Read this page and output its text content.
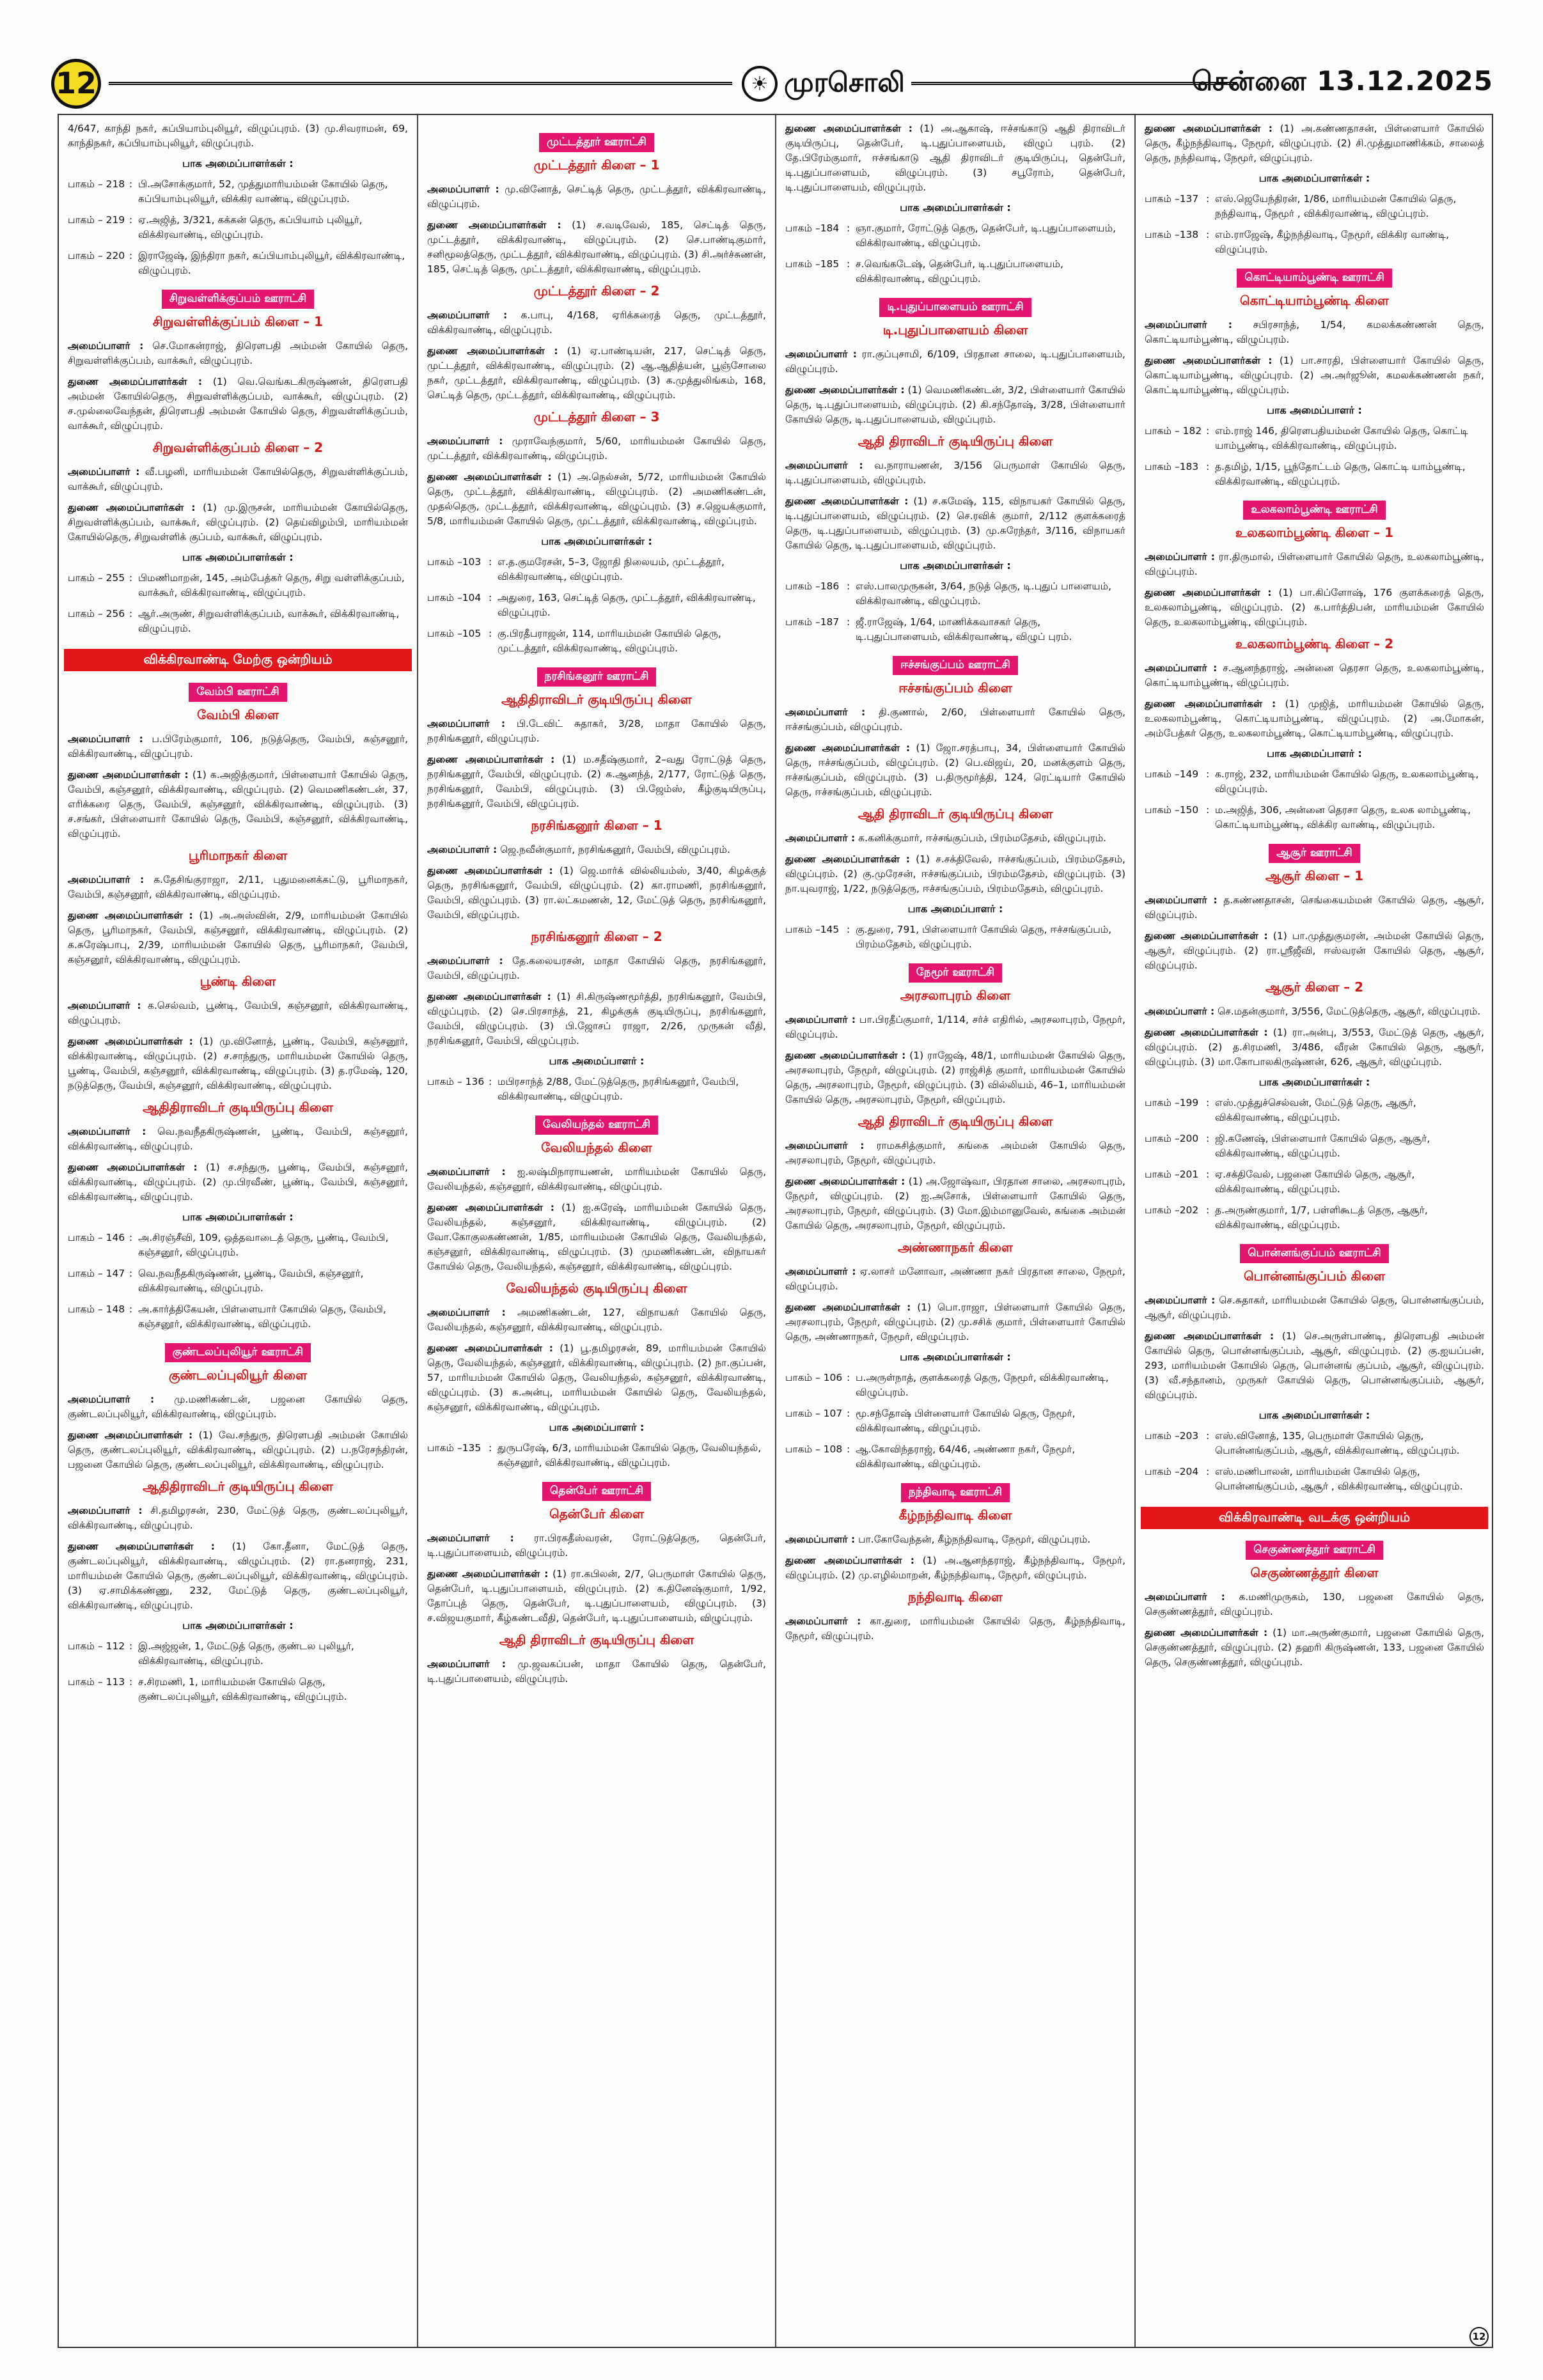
12	☀ முரசொலி	சென்னை 13.12.2025

4/647, காந்தி நகர், கப்பியாம்புலியூர், விழுப்புரம். (3) மு.சிவராமன், 69, காந்திநகர், கப்பியாம்புலியூர், விழுப்புரம்.

பாக அமைப்பாளர்கள் :
பாகம் – 218 : பி.அசோக்குமார், 52, முத்துமாரியம்மன் கோயில் தெரு, கப்பியாம்புலியூர், விக்கிர வாண்டி, விழுப்புரம்.
பாகம் – 219 : ஏ.அஜித், 3/321, கக்கன் தெரு, கப்பியாம் புலியூர், விக்கிரவாண்டி, விழுப்புரம்.
பாகம் – 220 : இராஜேஷ், இந்திரா நகர், கப்பியாம்புலியூர், விக்கிரவாண்டி, விழுப்புரம்.
சிறுவள்ளிக்குப்பம் ஊராட்சி
சிறுவள்ளிக்குப்பம் கிளை – 1

அமைப்பாளர் : செ.மோகன்ராஜ், திரௌபதி அம்மன் கோயில் தெரு, சிறுவள்ளிக்குப்பம், வாக்கூர், விழுப்புரம்.

துணை அமைப்பாளர்கள் : (1) வெ.வெங்கடகிருஷ்ணன், திரௌபதி அம்மன் கோயில்தெரு, சிறுவள்ளிக்குப்பம், வாக்கூர், விழுப்புரம். (2) ச.முல்லைவேந்தன், திரௌபதி அம்மன் கோயில் தெரு, சிறுவள்ளிக்குப்பம், வாக்கூர், விழுப்புரம்.

சிறுவள்ளிக்குப்பம் கிளை – 2

அமைப்பாளர் : வீ.பழனி, மாரியம்மன் கோயில்தெரு, சிறுவள்ளிக்குப்பம், வாக்கூர், விழுப்புரம்.

துணை அமைப்பாளர்கள் : (1) மு.இருசன், மாரியம்மன் கோயில்தெரு, சிறுவள்ளிக்குப்பம், வாக்கூர், விழுப்புரம். (2) தெய்விழம்பி, மாரியம்மன் கோயில்தெரு, சிறுவள்ளிக் குப்பம், வாக்கூர், விழுப்புரம்.

பாக அமைப்பாளர்கள் :
பாகம் – 255 : பிமணிமாறன், 145, அம்பேத்கர் தெரு, சிறு வள்ளிக்குப்பம், வாக்கூர், விக்கிரவாண்டி, விழுப்புரம்.
பாகம் – 256 : ஆர்.அருண், சிறுவள்ளிக்குப்பம், வாக்கூர், விக்கிரவாண்டி, விழுப்புரம்.
விக்கிரவாண்டி மேற்கு ஒன்றியம்
வேம்பி ஊராட்சி
வேம்பி கிளை

அமைப்பாளர் : ப.பிரேம்குமார், 106, நடுத்தெரு, வேம்பி, கஞ்சனூர், விக்கிரவாண்டி, விழுப்புரம்.

துணை அமைப்பாளர்கள் : (1) க.அஜித்குமார், பிள்ளையார் கோயில் தெரு, வேம்பி, கஞ்சனூர், விக்கிரவாண்டி, விழுப்புரம். (2) வெமணிகண்டன், 37, எரிக்கரை தெரு, வேம்பி, கஞ்சனூர், விக்கிரவாண்டி, விழுப்புரம். (3) ச.சங்கர், பிள்ளையார் கோயில் தெரு, வேம்பி, கஞ்சனூர், விக்கிரவாண்டி, விழுப்புரம்.

பூரிமாநகர் கிளை

அமைப்பாளர் : க.தேசிங்குராஜா, 2/11, புதுமனைக்கட்டு, பூரிமாநகர், வேம்பி, கஞ்சனூர், விக்கிரவாண்டி, விழுப்புரம்.

துணை அமைப்பாளர்கள் : (1) அ.அஸ்வின், 2/9, மாரியம்மன் கோயில் தெரு, பூரிமாநகர், வேம்பி, கஞ்சனூர், விக்கிரவாண்டி, விழுப்புரம். (2) க.சுரேஷ்பாபு, 2/39, மாரியம்மன் கோயில் தெரு, பூரிமாநகர், வேம்பி, கஞ்சனூர், விக்கிரவாண்டி, விழுப்புரம்.

பூண்டி கிளை

அமைப்பாளர் : க.செல்வம், பூண்டி, வேம்பி, கஞ்சனூர், விக்கிரவாண்டி, விழுப்புரம்.

துணை அமைப்பாளர்கள் : (1) மு.வினோத், பூண்டி, வேம்பி, கஞ்சனூர், விக்கிரவாண்டி, விழுப்புரம். (2) ச.சாந்துரு, மாரியம்மன் கோயில் தெரு, பூண்டி, வேம்பி, கஞ்சனூர், விக்கிரவாண்டி, விழுப்புரம். (3) த.ரமேஷ், 120, நடுத்தெரு, வேம்பி, கஞ்சனூர், விக்கிரவாண்டி, விழுப்புரம்.

ஆதிதிராவிடர் குடியிருப்பு கிளை

அமைப்பாளர் : வெ.நவநீதகிருஷ்ணன், பூண்டி, வேம்பி, கஞ்சனூர், விக்கிரவாண்டி, விழுப்புரம்.

துணை அமைப்பாளர்கள் : (1) ச.சந்துரு, பூண்டி, வேம்பி, கஞ்சனூர், விக்கிரவாண்டி, விழுப்புரம். (2) மு.பிரவீண், பூண்டி, வேம்பி, கஞ்சனூர், விக்கிரவாண்டி, விழுப்புரம்.

பாக அமைப்பாளர்கள் :
பாகம் – 146 : அ.சிரஞ்சீவி, 109, ஒத்தவாடைத் தெரு, பூண்டி, வேம்பி, கஞ்சனூர், விழுப்புரம்.
பாகம் – 147 : வெ.நவநீதகிருஷ்ணன், பூண்டி, வேம்பி, கஞ்சனூர், விக்கிரவாண்டி, விழுப்புரம்.
பாகம் – 148 : அ.கார்த்திகேயன், பிள்ளையார் கோயில் தெரு, வேம்பி, கஞ்சனூர், விக்கிரவாண்டி, விழுப்புரம்.
குண்டலப்புலியூர் ஊராட்சி
குண்டலப்புலியூர் கிளை

அமைப்பாளர் : மு.மணிகண்டன், பஜனை கோயில் தெரு, குண்டலப்புலியூர், விக்கிரவாண்டி, விழுப்புரம்.

துணை அமைப்பாளர்கள் : (1) வே.சந்துரு, திரௌபதி அம்மன் கோயில் தெரு, குண்டலப்புலியூர், விக்கிரவாண்டி, விழுப்புரம். (2) ப.நரேசந்திரன், பஜனை கோயில் தெரு, குண்டலப்புலியூர், விக்கிரவாண்டி, விழுப்புரம்.

ஆதிதிராவிடர் குடியிருப்பு கிளை

அமைப்பாளர் : சி.தமிழரசன், 230, மேட்டுத் தெரு, குண்டலப்புலியூர், விக்கிரவாண்டி, விழுப்புரம்.

துணை அமைப்பாளர்கள் : (1) கோ.தீனா, மேட்டுத் தெரு, குண்டலப்புலியூர், விக்கிரவாண்டி, விழுப்புரம். (2) ரா.தனராஜ், 231, மாரியம்மன் கோயில் தெரு, குண்டலப்புலியூர், விக்கிரவாண்டி, விழுப்புரம். (3) ஏ.சாமிக்கண்ணு, 232, மேட்டுத் தெரு, குண்டலப்புலியூர், விக்கிரவாண்டி, விழுப்புரம்.

பாக அமைப்பாளர்கள் :
பாகம் – 112 : இ.அஜ்ஜன், 1, மேட்டுத் தெரு, குண்டல புலியூர், விக்கிரவாண்டி, விழுப்புரம்.
பாகம் – 113 : ச.சிரமணி, 1, மாரியம்மன் கோயில் தெரு, குண்டலப்புலியூர், விக்கிரவாண்டி, விழுப்புரம்.
முட்டத்தூர் ஊராட்சி
முட்டத்தூர் கிளை – 1

அமைப்பாளர் : மு.வினோத், செட்டித் தெரு, முட்டத்தூர், விக்கிரவாண்டி, விழுப்புரம்.

துணை அமைப்பாளர்கள் : (1) ச.வடிவேல், 185, செட்டித் தெரு, முட்டத்தூர், விக்கிரவாண்டி, விழுப்புரம். (2) செ.பாண்டிகுமார், சனிமூலத்தெரு, முட்டத்தூர், விக்கிரவாண்டி, விழுப்புரம். (3) சி.அர்ச்சுணன், 185, செட்டித் தெரு, முட்டத்தூர், விக்கிரவாண்டி, விழுப்புரம்.

முட்டத்தூர் கிளை – 2

அமைப்பாளர் : க.பாபு, 4/168, ஏரிக்கரைத் தெரு, முட்டத்தூர், விக்கிரவாண்டி, விழுப்புரம்.

துணை அமைப்பாளர்கள் : (1) ஏ.பாண்டியன், 217, செட்டித் தெரு, முட்டத்தூர், விக்கிரவாண்டி, விழுப்புரம். (2) ஆ.ஆதித்யன், பூஞ்சோலை நகர், முட்டத்தூர், விக்கிரவாண்டி, விழுப்புரம். (3) க.முத்துலிங்கம், 168, செட்டித் தெரு, முட்டத்தூர், விக்கிரவாண்டி, விழுப்புரம்.

முட்டத்தூர் கிளை – 3

அமைப்பாளர் : முராவேந்குமார், 5/60, மாரியம்மன் கோயில் தெரு, முட்டத்தூர், விக்கிரவாண்டி, விழுப்புரம்.

துணை அமைப்பாளர்கள் : (1) அ.நெல்சன், 5/72, மாரியம்மன் கோயில் தெரு, முட்டத்தூர், விக்கிரவாண்டி, விழுப்புரம். (2) அமணிகண்டன், முதல்தெரு, முட்டத்தூர், விக்கிரவாண்டி, விழுப்புரம். (3) ச.ஜெயக்குமார், 5/8, மாரியம்மன் கோயில் தெரு, முட்டத்தூர், விக்கிரவாண்டி, விழுப்புரம்.

பாக அமைப்பாளர்கள் :
பாகம் –103 : எ.த.குமரேசன், 5–3, ஜோதி நிலையம், முட்டத்தூர், விக்கிரவாண்டி, விழுப்புரம்.
பாகம் –104 : அதுரை, 163, செட்டித் தெரு, முட்டத்தூர், விக்கிரவாண்டி, விழுப்புரம்.
பாகம் –105 : கு.பிரதீபராஜன், 114, மாரியம்மன் கோயில் தெரு, முட்டத்தூர், விக்கிரவாண்டி, விழுப்புரம்.
நரசிங்கனூர் ஊராட்சி
ஆதிதிராவிடர் குடியிருப்பு கிளை

அமைப்பாளர் : பி.டேவிட் சுதாகர், 3/28, மாதா கோயில் தெரு, நரசிங்கனூர், விழுப்புரம்.

துணை அமைப்பாளர்கள் : (1) ம.சதீஷ்குமார், 2–வது ரோட்டுத் தெரு, நரசிங்கனூர், வேம்பி, விழுப்புரம். (2) க.ஆனந்த், 2/177, ரோட்டுத் தெரு, நரசிங்கனூர், வேம்பி, விழுப்புரம். (3) பி.ஜேம்ஸ், கீழ்குடியிருப்பு, நரசிங்கனூர், வேம்பி, விழுப்புரம்.

நரசிங்கனூர் கிளை – 1

அமைப்பாளர் : ஜெ.நவீன்குமார், நரசிங்கனூர், வேம்பி, விழுப்புரம்.

துணை அமைப்பாளர்கள் : (1) ஜெ.மார்க் வில்லியம்ஸ், 3/40, கிழக்குத் தெரு, நரசிங்கனூர், வேம்பி, விழுப்புரம். (2) கா.ராமணி, நரசிங்கனூர், வேம்பி, விழுப்புரம். (3) ரா.லட்சுமணன், 12, மேட்டுத் தெரு, நரசிங்கனூர், வேம்பி, விழுப்புரம்.

நரசிங்கனூர் கிளை – 2

அமைப்பாளர் : தே.கலையரசன், மாதா கோயில் தெரு, நரசிங்கனூர், வேம்பி, விழுப்புரம்.

துணை அமைப்பாளர்கள் : (1) சி.கிருஷ்ணமூர்த்தி, நரசிங்கனூர், வேம்பி, விழுப்புரம். (2) செ.பிரசாந்த், 21, கிழக்குக் குடியிருப்பு, நரசிங்கனூர், வேம்பி, விழுப்புரம். (3) பி.ஜோசப் ராஜா, 2/26, முருகன் வீதி, நரசிங்கனூர், வேம்பி, விழுப்புரம்.

பாக அமைப்பாளர் :
பாகம் – 136 : மபிரசாந்த் 2/88, மேட்டுத்தெரு, நரசிங்கனூர், வேம்பி, விக்கிரவாண்டி, விழுப்புரம்.
வேலியந்தல் ஊராட்சி
வேலியந்தல் கிளை

அமைப்பாளர் : ஐ.லஷ்மிநாராயணன், மாரியம்மன் கோயில் தெரு, வேலியந்தல், கஞ்சனூர், விக்கிரவாண்டி, விழுப்புரம்.

துணை அமைப்பாளர்கள் : (1) ஐ.சுரேஷ், மாரியம்மன் கோயில் தெரு, வேலியந்தல், கஞ்சனூர், விக்கிரவாண்டி, விழுப்புரம். (2) வோ.கோகுலகண்ணன், 1/85, மாரியம்மன் கோயில் தெரு, வேலியந்தல், கஞ்சனூர், விக்கிரவாண்டி, விழுப்புரம். (3) முமணிகண்டன், விநாயகர் கோயில் தெரு, வேலியந்தல், கஞ்சனூர், விக்கிரவாண்டி, விழுப்புரம்.

வேலியந்தல் குடியிருப்பு கிளை

அமைப்பாளர் : அமணிகண்டன், 127, விநாயகர் கோயில் தெரு, வேலியந்தல், கஞ்சனூர், விக்கிரவாண்டி, விழுப்புரம்.

துணை அமைப்பாளர்கள் : (1) பூ.தமிழரசன், 89, மாரியம்மன் கோயில் தெரு, வேலியந்தல், கஞ்சனூர், விக்கிரவாண்டி, விழுப்புரம். (2) நா.குப்பன், 57, மாரியம்மன் கோயில் தெரு, வேலியந்தல், கஞ்சனூர், விக்கிரவாண்டி, விழுப்புரம். (3) க.அன்பு, மாரியம்மன் கோயில் தெரு, வேலியந்தல், கஞ்சனூர், விக்கிரவாண்டி, விழுப்புரம்.

பாக அமைப்பாளர் :
பாகம் –135 : துருபரேஷ், 6/3, மாரியம்மன் கோயில் தெரு, வேலியந்தல், கஞ்சனூர், விக்கிரவாண்டி, விழுப்புரம்.
தென்பேர் ஊராட்சி
தென்பேர் கிளை

அமைப்பாளர் : ரா.பிரகதீஸ்வரன், ரோட்டுத்தெரு, தென்பேர், டி.புதுப்பாளையம், விழுப்புரம்.

துணை அமைப்பாளர்கள் : (1) ரா.கபிலன், 2/7, பெருமாள் கோயில் தெரு, தென்பேர், டி.புதுப்பாளையம், விழுப்புரம். (2) க.தினேஷ்குமார், 1/92, தோப்புத் தெரு, தென்பேர், டி.புதுப்பாளையம், விழுப்புரம். (3) ச.விஜயகுமார், கீழ்கண்டவீதி, தென்பேர், டி.புதுப்பாளையம், விழுப்புரம்.

ஆதி திராவிடர் குடியிருப்பு கிளை

அமைப்பாளர் : மு.ஜவகப்பன், மாதா கோயில் தெரு, தென்பேர், டி.புதுப்பாளையம், விழுப்புரம்.

துணை அமைப்பாளர்கள் : (1) அ.ஆகாஷ், ஈச்சங்காடு ஆதி திராவிடர் குடியிருப்பு, தென்பேர், டி.புதுப்பாளையம், விழுப் புரம். (2) தே.பிரேம்குமார், ஈச்சங்காடு ஆதி திராவிடர் குடியிருப்பு, தென்பேர், டி.புதுப்பாளையம், விழுப்புரம். (3) சபூரோம், தென்பேர், டி.புதுப்பாளையம், விழுப்புரம்.

பாக அமைப்பாளர்கள் :
பாகம் –184 : ஞா.குமார், ரோட்டுத் தெரு, தென்பேர், டி.புதுப்பாளையம், விக்கிரவாண்டி, விழுப்புரம்.
பாகம் –185 : ச.வெங்கடேஷ், தென்பேர், டி.புதுப்பாளையம், விக்கிரவாண்டி, விழுப்புரம்.
டி.புதுப்பாளையம் ஊராட்சி
டி.புதுப்பாளையம் கிளை

அமைப்பாளர் : ரா.குப்புசாமி, 6/109, பிரதான சாலை, டி.புதுப்பாளையம், விழுப்புரம்.

துணை அமைப்பாளர்கள் : (1) வெமணிகண்டன், 3/2, பிள்ளையார் கோயில் தெரு, டி.புதுப்பாளையம், விழுப்புரம். (2) கி.சந்தோஷ், 3/28, பிள்ளையார் கோயில் தெரு, டி.புதுப்பாளையம், விழுப்புரம்.

ஆதி திராவிடர் குடியிருப்பு கிளை

அமைப்பாளர் : வ.நாராயணன், 3/156 பெருமாள் கோயில் தெரு, டி.புதுப்பாளையம், விழுப்புரம்.

துணை அமைப்பாளர்கள் : (1) ச.கமேஷ், 115, விநாயகர் கோயில் தெரு, டி.புதுப்பாளையம், விழுப்புரம். (2) செ.ரவிக் குமார், 2/112 குளக்கரைத் தெரு, டி.புதுப்பாளையம், விழுப்புரம். (3) மு.சுரேந்தர், 3/116, விநாயகர் கோயில் தெரு, டி.புதுப்பாளையம், விழுப்புரம்.

பாக அமைப்பாளர்கள் :
பாகம் –186 : எஸ்.பாலமுருகன், 3/64, நடுத் தெரு, டி.புதுப் பாளையம், விக்கிரவாண்டி, விழுப்புரம்.
பாகம் –187 : ஜீ.ராஜேஷ், 1/64, மாணிக்கவாசகர் தெரு, டி.புதுப்பாளையம், விக்கிரவாண்டி, விழுப் புரம்.
ஈச்சங்குப்பம் ஊராட்சி
ஈச்சங்குப்பம் கிளை

அமைப்பாளர் : தி.குணால், 2/60, பிள்ளையார் கோயில் தெரு, ஈச்சங்குப்பம், விழுப்புரம்.

துணை அமைப்பாளர்கள் : (1) ஜோ.சரத்பாபு, 34, பிள்ளையார் கோயில் தெரு, ஈச்சங்குப்பம், விழுப்புரம். (2) பெ.விஜய், 20, மனக்குளம் தெரு, ஈச்சங்குப்பம், விழுப்புரம். (3) ப.திருமூர்த்தி, 124, ரெட்டியார் கோயில் தெரு, ஈச்சங்குப்பம், விழுப்புரம்.

ஆதி திராவிடர் குடியிருப்பு கிளை

அமைப்பாளர் : க.கனிக்குமார், ஈச்சங்குப்பம், பிரம்மதேசம், விழுப்புரம்.

துணை அமைப்பாளர்கள் : (1) ச.சக்திவேல், ஈச்சங்குப்பம், பிரம்மதேசம், விழுப்புரம். (2) கு.முரேசன், ஈச்சங்குப்பம், பிரம்மதேசம், விழுப்புரம். (3) நா.யுவராஜ், 1/22, நடுத்தெரு, ஈச்சங்குப்பம், பிரம்மதேசம், விழுப்புரம்.

பாக அமைப்பாளர் :
பாகம் –145 : கு.துரை, 791, பிள்ளையார் கோயில் தெரு, ஈச்சங்குப்பம், பிரம்மதேசம், விழுப்புரம்.
நேமூர் ஊராட்சி
அரசலாபுரம் கிளை

அமைப்பாளர் : பா.பிரதீப்குமார், 1/114, சர்ச் எதிரில், அரசலாபுரம், நேமூர், விழுப்புரம்.

துணை அமைப்பாளர்கள் : (1) ராஜேஷ், 48/1, மாரியம்மன் கோயில் தெரு, அரசலாபுரம், நேமூர், விழுப்புரம். (2) ராஜ்சித் குமார், மாரியம்மன் கோயில் தெரு, அரசலாபுரம், நேமூர், விழுப்புரம். (3) வில்லியம், 46–1, மாரியம்மன் கோயில் தெரு, அரசலாபுரம், நேமூர், விழுப்புரம்.

ஆதி திராவிடர் குடியிருப்பு கிளை

அமைப்பாளர் : ராமசுசித்குமார், கங்கை அம்மன் கோயில் தெரு, அரசலாபுரம், நேமூர், விழுப்புரம்.

துணை அமைப்பாளர்கள் : (1) அ.ஜோஷ்வா, பிரதான சாலை, அரசலாபுரம், நேமூர், விழுப்புரம். (2) ஐ.அசோக், பிள்ளையார் கோயில் தெரு, அரசலாபுரம், நேமூர், விழுப்புரம். (3) மோ.இம்மானுவேல், கங்கை அம்மன் கோயில் தெரு, அரசலாபுரம், நேமூர், விழுப்புரம்.

அண்ணாநகர் கிளை

அமைப்பாளர் : ஏ.லாசர் மனோவா, அண்ணா நகர் பிரதான சாலை, நேமூர், விழுப்புரம்.

துணை அமைப்பாளர்கள் : (1) பொ.ராஜா, பிள்ளையார் கோயில் தெரு, அரசலாபுரம், நேமூர், விழுப்புரம். (2) மு.சசிக் குமார், பிள்ளையார் கோயில் தெரு, அண்ணாநகர், நேமூர், விழுப்புரம்.

பாக அமைப்பாளர்கள் :
பாகம் – 106 : ப.அருள்நாத், குளக்கரைத் தெரு, நேமூர், விக்கிரவாண்டி, விழுப்புரம்.
பாகம் – 107 : மூ.சந்தோஷ் பிள்ளையார் கோயில் தெரு, நேமூர், விக்கிரவாண்டி, விழுப்புரம்.
பாகம் – 108 : ஆ.கோவிந்தராஜ், 64/46, அண்ணா நகர், நேமூர், விக்கிரவாண்டி, விழுப்புரம்.
நந்திவாடி ஊராட்சி
கீழ்நந்திவாடி கிளை

அமைப்பாளர் : பா.கோவேந்தன், கீழ்நந்திவாடி, நேமூர், விழுப்புரம்.

துணை அமைப்பாளர்கள் : (1) அ.ஆனந்தராஜ், கீழ்நந்திவாடி, நேமூர், விழுப்புரம். (2) மு.எழில்மாறன், கீழ்நந்திவாடி, நேமூர், விழுப்புரம்.

நந்திவாடி கிளை

அமைப்பாளர் : கா.துரை, மாரியம்மன் கோயில் தெரு, கீழ்நந்திவாடி, நேமூர், விழுப்புரம்.

துணை அமைப்பாளர்கள் : (1) அ.கண்ணதாசன், பிள்ளையார் கோயில் தெரு, கீழ்நந்திவாடி, நேமூர், விழுப்புரம். (2) சி.முத்துமாணிக்கம், சாலைத் தெரு, நந்திவாடி, நேமூர், விழுப்புரம்.

பாக அமைப்பாளர்கள் :
பாகம் –137 : எஸ்.ஜெயேந்திரன், 1/86, மாரியம்மன் கோயில் தெரு, நந்திவாடி, நேமூர் , விக்கிரவாண்டி, விழுப்புரம்.
பாகம் –138 : எம்.ராஜேஷ், கீழ்நந்திவாடி, நேமூர், விக்கிர வாண்டி, விழுப்புரம்.
கொட்டியாம்பூண்டி ஊராட்சி
கொட்டியாம்பூண்டி கிளை

அமைப்பாளர் : சபிரசாந்த், 1/54, கமலக்கண்ணன் தெரு, கொட்டியாம்பூண்டி, விழுப்புரம்.

துணை அமைப்பாளர்கள் : (1) பா.சாரதி, பிள்ளையார் கோயில் தெரு, கொட்டியாம்பூண்டி, விழுப்புரம். (2) அ.அர்ஜூன், கமலக்கண்ணன் நகர், கொட்டியாம்பூண்டி, விழுப்புரம்.

பாக அமைப்பாளர் :
பாகம் – 182 : எம்.ராஜ் 146, திரௌபதியம்மன் கோயில் தெரு, கொட்டி யாம்பூண்டி, விக்கிரவாண்டி, விழுப்புரம்.
பாகம் –183 : த.தமிழ், 1/15, பூந்தோட்டம் தெரு, கொட்டி யாம்பூண்டி, விக்கிரவாண்டி, விழுப்புரம்.
உலகலாம்பூண்டி ஊராட்சி
உலகலாம்பூண்டி கிளை – 1

அமைப்பாளர் : ரா.திருமால், பிள்ளையார் கோயில் தெரு, உலகலாம்பூண்டி, விழுப்புரம்.

துணை அமைப்பாளர்கள் : (1) பா.கிப்ளோஷ், 176 குளக்கரைத் தெரு, உலகலாம்பூண்டி, விழுப்புரம். (2) க.பார்த்திபன், மாரியம்மன் கோயில் தெரு, உலகலாம்பூண்டி, விழுப்புரம்.

உலகலாம்பூண்டி கிளை – 2

அமைப்பாளர் : ச.ஆனந்தராஜ், அன்னை தெரசா தெரு, உலகலாம்பூண்டி, கொட்டியாம்பூண்டி, விழுப்புரம்.

துணை அமைப்பாளர்கள் : (1) முஜித், மாரியம்மன் கோயில் தெரு, உலகலாம்பூண்டி, கொட்டியாம்பூண்டி, விழுப்புரம். (2) அ.மோகன், அம்பேத்கர் தெரு, உலகலாம்பூண்டி, கொட்டியாம்பூண்டி, விழுப்புரம்.

பாக அமைப்பாளர் :
பாகம் –149 : க.ராஜ், 232, மாரியம்மன் கோயில் தெரு, உலகலாம்பூண்டி, விழுப்புரம்.
பாகம் –150 : ம.அஜித், 306, அன்னை தெரசா தெரு, உலக லாம்பூண்டி, கொட்டியாம்பூண்டி, விக்கிர வாண்டி, விழுப்புரம்.
ஆசூர் ஊராட்சி
ஆசூர் கிளை – 1

அமைப்பாளர் : த.கண்ணதாசன், செங்கையம்மன் கோயில் தெரு, ஆசூர், விழுப்புரம்.

துணை அமைப்பாளர்கள் : (1) பா.முத்துகுமரன், அம்மன் கோயில் தெரு, ஆசூர், விழுப்புரம். (2) ரா.ஸ்ரீஜீவி, ஈஸ்வரன் கோயில் தெரு, ஆசூர், விழுப்புரம்.

ஆசூர் கிளை – 2

அமைப்பாளர் : செ.மதன்குமார், 3/556, மேட்டுத்தெரு, ஆசூர், விழுப்புரம்.

துணை அமைப்பாளர்கள் : (1) ரா.அன்பு, 3/553, மேட்டுத் தெரு, ஆசூர், விழுப்புரம். (2) த.சிரமணி, 3/486, வீரன் கோயில் தெரு, ஆசூர், விழுப்புரம். (3) மா.கோபாலகிருஷ்ணன், 626, ஆசூர், விழுப்புரம்.

பாக அமைப்பாளர்கள் :
பாகம் –199 : எஸ்.முத்துச்செல்வன், மேட்டுத் தெரு, ஆசூர், விக்கிரவாண்டி, விழுப்புரம்.
பாகம் –200 : ஜி.கணேஷ், பிள்ளையார் கோயில் தெரு, ஆசூர், விக்கிரவாண்டி, விழுப்புரம்.
பாகம் –201 : ஏ.சக்திவேல், பஜனை கோயில் தெரு, ஆசூர், விக்கிரவாண்டி, விழுப்புரம்.
பாகம் –202 : த.அருண்குமார், 1/7, பள்ளிகூடத் தெரு, ஆசூர், விக்கிரவாண்டி, விழுப்புரம்.
பொன்னங்குப்பம் ஊராட்சி
பொன்னங்குப்பம் கிளை

அமைப்பாளர் : செ.சுதாகர், மாரியம்மன் கோயில் தெரு, பொன்னங்குப்பம், ஆசூர், விழுப்புரம்.

துணை அமைப்பாளர்கள் : (1) செ.அருள்பாண்டி, திரௌபதி அம்மன் கோயில் தெரு, பொன்னங்குப்பம், ஆசூர், விழுப்புரம். (2) கு.ஐயப்பன், 293, மாரியம்மன் கோயில் தெரு, பொன்னங் குப்பம், ஆசூர், விழுப்புரம். (3) வீ.சந்தானம், முருகர் கோயில் தெரு, பொன்னங்குப்பம், ஆசூர், விழுப்புரம்.

பாக அமைப்பாளர்கள் :
பாகம் –203 : எஸ்.வினோத், 135, பெருமாள் கோயில் தெரு, பொன்னங்குப்பம், ஆசூர், விக்கிரவாண்டி, விழுப்புரம்.
பாகம் –204 : எஸ்.மணிபாலன், மாரியம்மன் கோயில் தெரு, பொன்னங்குப்பம், ஆசூர் , விக்கிரவாண்டி, விழுப்புரம்.
விக்கிரவாண்டி வடக்கு ஒன்றியம்
செகுண்ணத்தூர் ஊராட்சி
செகுண்ணத்தூர் கிளை

அமைப்பாளர் : க.மணிமுருகம், 130, பஜனை கோயில் தெரு, செகுண்ணத்தூர், விழுப்புரம்.

துணை அமைப்பாளர்கள் : (1) மா.அருண்குமார், பஜனை கோயில் தெரு, செகுண்ணத்தூர், விழுப்புரம். (2) தஹரி கிருஷ்ணன், 133, பஜனை கோயில் தெரு, செகுண்ணத்தூர், விழுப்புரம்.

12
